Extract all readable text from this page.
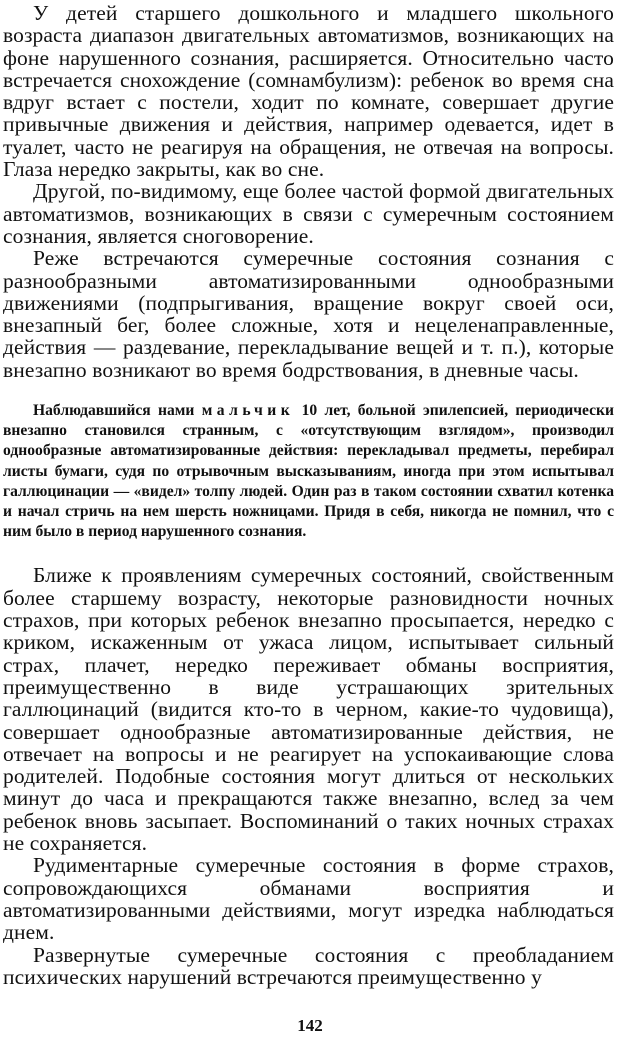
У детей старшего дошкольного и младшего школьного возраста диапазон двигательных автоматизмов, возникающих на фоне нарушенного сознания, расширяется. Относительно часто встречается снохождение (сомнамбулизм): ребенок во время сна вдруг встает с постели, ходит по комнате, совершает другие привычные движения и действия, например одевается, идет в туалет, часто не реагируя на обращения, не отвечая на вопросы. Глаза нередко закрыты, как во сне.

Другой, по-видимому, еще более частой формой двигательных автоматизмов, возникающих в связи с сумеречным состоянием сознания, является сноговорение.

Реже встречаются сумеречные состояния сознания с разнообразными автоматизированными однообразными движениями (подпрыгивания, вращение вокруг своей оси, внезапный бег, более сложные, хотя и нецеленаправленные, действия — раздевание, перекладывание вещей и т. п.), которые внезапно возникают во время бодрствования, в дневные часы.

Наблюдавшийся нами мальчик 10 лет, больной эпилепсией, периодически внезапно становился странным, с «отсутствующим взглядом», производил однообразные автоматизированные действия: перекладывал предметы, перебирал листы бумаги, судя по отрывочным высказываниям, иногда при этом испытывал галлюцинации — «видел» толпу людей. Один раз в таком состоянии схватил котенка и начал стричь на нем шерсть ножницами. Придя в себя, никогда не помнил, что с ним было в период нарушенного сознания.

Ближе к проявлениям сумеречных состояний, свойственным более старшему возрасту, некоторые разновидности ночных страхов, при которых ребенок внезапно просыпается, нередко с криком, искаженным от ужаса лицом, испытывает сильный страх, плачет, нередко переживает обманы восприятия, преимущественно в виде устрашающих зрительных галлюцинаций (видится кто-то в черном, какие-то чудовища), совершает однообразные автоматизированные действия, не отвечает на вопросы и не реагирует на успокаивающие слова родителей. Подобные состояния могут длиться от нескольких минут до часа и прекращаются также внезапно, вслед за чем ребенок вновь засыпает. Воспоминаний о таких ночных страхах не сохраняется.

Рудиментарные сумеречные состояния в форме страхов, сопровождающихся обманами восприятия и автоматизированными действиями, могут изредка наблюдаться днем.

Развернутые сумеречные состояния с преобладанием психических нарушений встречаются преимущественно у

142
